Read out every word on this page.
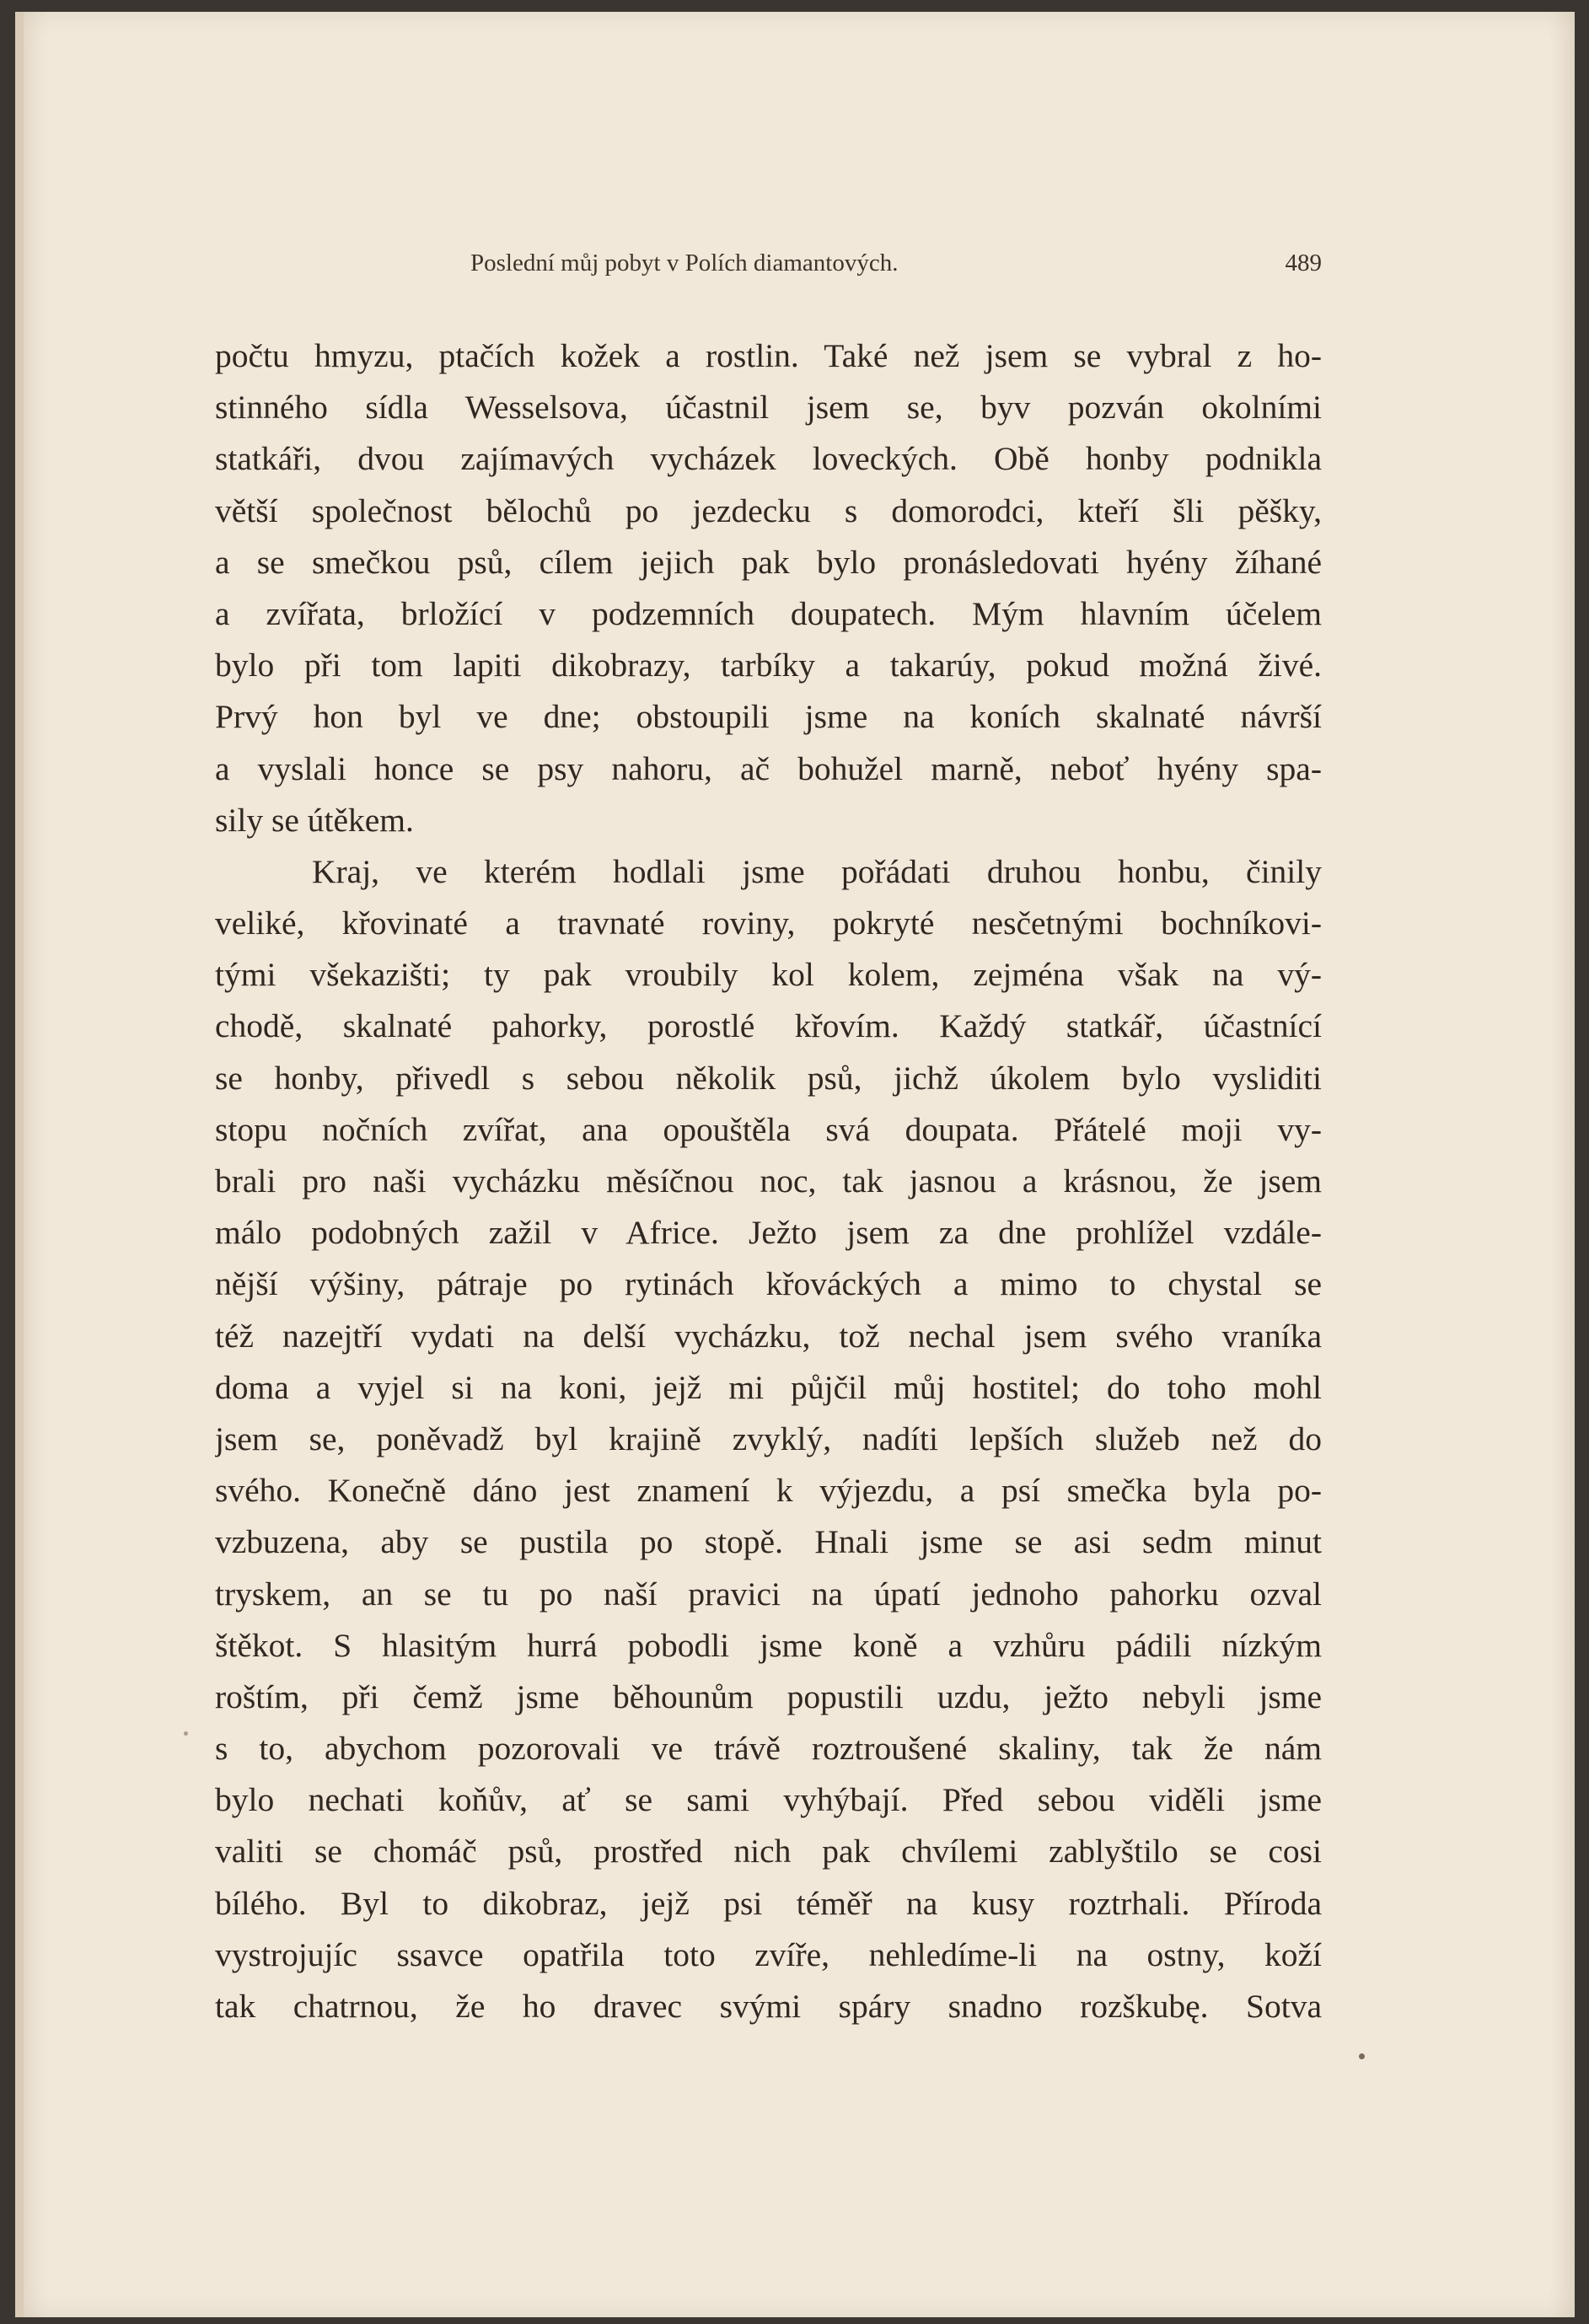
Poslední můj pobyt v Polích diamantových.	489
počtu hmyzu, ptačích kožek a rostlin. Také než jsem se vybral z ho-
stinného sídla Wesselsova, účastnil jsem se, byv pozván okolními
statkáři, dvou zajímavých vycházek loveckých. Obě honby podnikla
větší společnost bělochů po jezdecku s domorodci, kteří šli pěšky,
a se smečkou psů, cílem jejich pak bylo pronásledovati hyény žíhané
a zvířata, brložící v podzemních doupatech. Mým hlavním účelem
bylo při tom lapiti dikobrazy, tarbíky a takarúy, pokud možná živé.
Prvý hon byl ve dne; obstoupili jsme na koních skalnaté návrší
a vyslali honce se psy nahoru, ač bohužel marně, neboť hyény spa-
sily se útěkem.
Kraj, ve kterém hodlali jsme pořádati druhou honbu, činily
veliké, křovinaté a travnaté roviny, pokryté nesčetnými bochníkovi-
tými všekazišti; ty pak vroubily kol kolem, zejména však na vý-
chodě, skalnaté pahorky, porostlé křovím. Každý statkář, účastnící
se honby, přivedl s sebou několik psů, jichž úkolem bylo vysliditi
stopu nočních zvířat, ana opouštěla svá doupata. Přátelé moji vy-
brali pro naši vycházku měsíčnou noc, tak jasnou a krásnou, že jsem
málo podobných zažil v Africe. Ježto jsem za dne prohlížel vzdále-
nější výšiny, pátraje po rytinách křováckých a mimo to chystal se
též nazejtří vydati na delší vycházku, tož nechal jsem svého vraníka
doma a vyjel si na koni, jejž mi půjčil můj hostitel; do toho mohl
jsem se, poněvadž byl krajině zvyklý, nadíti lepších služeb než do
svého. Konečně dáno jest znamení k výjezdu, a psí smečka byla po-
vzbuzena, aby se pustila po stopě. Hnali jsme se asi sedm minut
tryskem, an se tu po naší pravici na úpatí jednoho pahorku ozval
štěkot. S hlasitým hurrá pobodli jsme koně a vzhůru pádili nízkým
roštím, při čemž jsme běhounům popustili uzdu, ježto nebyli jsme
s to, abychom pozorovali ve trávě roztroušené skaliny, tak že nám
bylo nechati koňův, ať se sami vyhýbají. Před sebou viděli jsme
valiti se chomáč psů, prostřed nich pak chvílemi zablyštilo se cosi
bílého. Byl to dikobraz, jejž psi téměř na kusy roztrhali. Příroda
vystrojujíc ssavce opatřila toto zvíře, nehledíme-li na ostny, koží
tak chatrnou, že ho dravec svými spáry snadno rozškubę. Sotva
